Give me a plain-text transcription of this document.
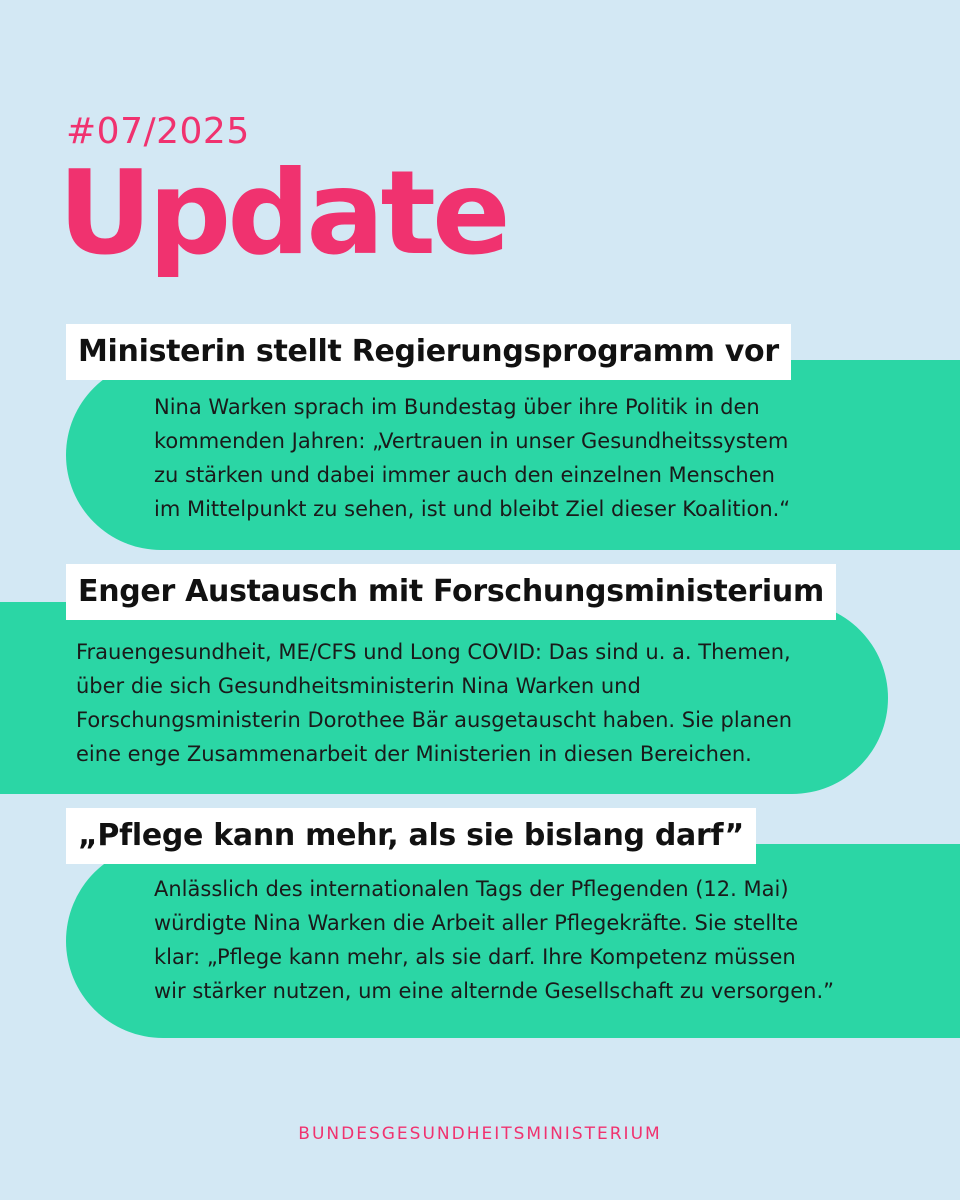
#07/2025
Update

Nina Warken sprach im Bundestag über ihre Politik in den
kommenden Jahren: „Vertrauen in unser Gesundheitssystem
zu stärken und dabei immer auch den einzelnen Menschen
im Mittelpunkt zu sehen, ist und bleibt Ziel dieser Koalition.“

Ministerin stellt Regierungsprogramm vor

Frauengesundheit, ME/CFS und Long COVID: Das sind u. a. Themen,
über die sich Gesundheitsministerin Nina Warken und
Forschungsministerin Dorothee Bär ausgetauscht haben. Sie planen
eine enge Zusammenarbeit der Ministerien in diesen Bereichen.

Enger Austausch mit Forschungsministerium

Anlässlich des internationalen Tags der Pflegenden (12. Mai)
würdigte Nina Warken die Arbeit aller Pflegekräfte. Sie stellte
klar: „Pflege kann mehr, als sie darf. Ihre Kompetenz müssen
wir stärker nutzen, um eine alternde Gesellschaft zu versorgen.”

„Pflege kann mehr, als sie bislang darf”
BUNDESGESUNDHEITSMINISTERIUM
